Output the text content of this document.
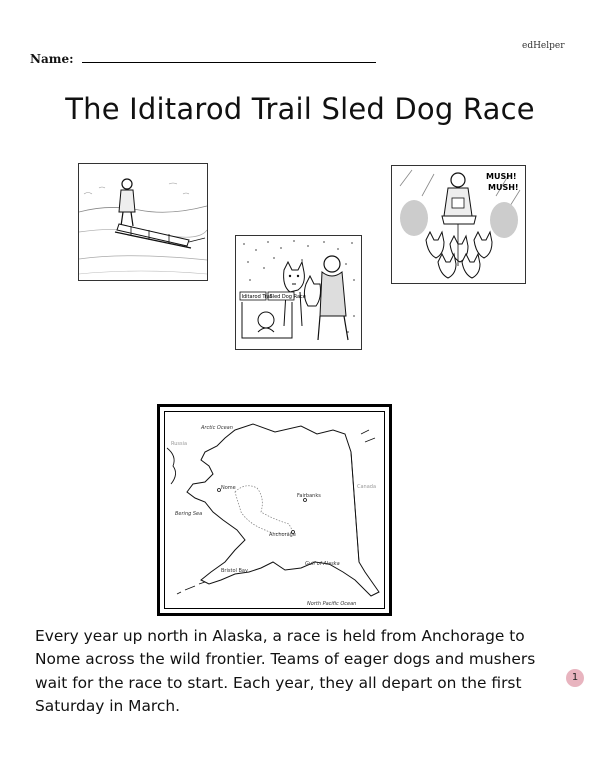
edHelper
Name:
The Iditarod Trail Sled Dog Race
Iditarod Trail
Sled Dog Race
MUSH!
MUSH!
Arctic Ocean
Russia
Canada
Nome
Fairbanks
Bering Sea
Anchorage
Gulf of Alaska
Bristol Bay
North Pacific Ocean
Every year up north in Alaska, a race is held from Anchorage to Nome across the wild frontier. Teams of eager dogs and mushers wait for the race to start. Each year, they all depart on the first Saturday in March.
1
